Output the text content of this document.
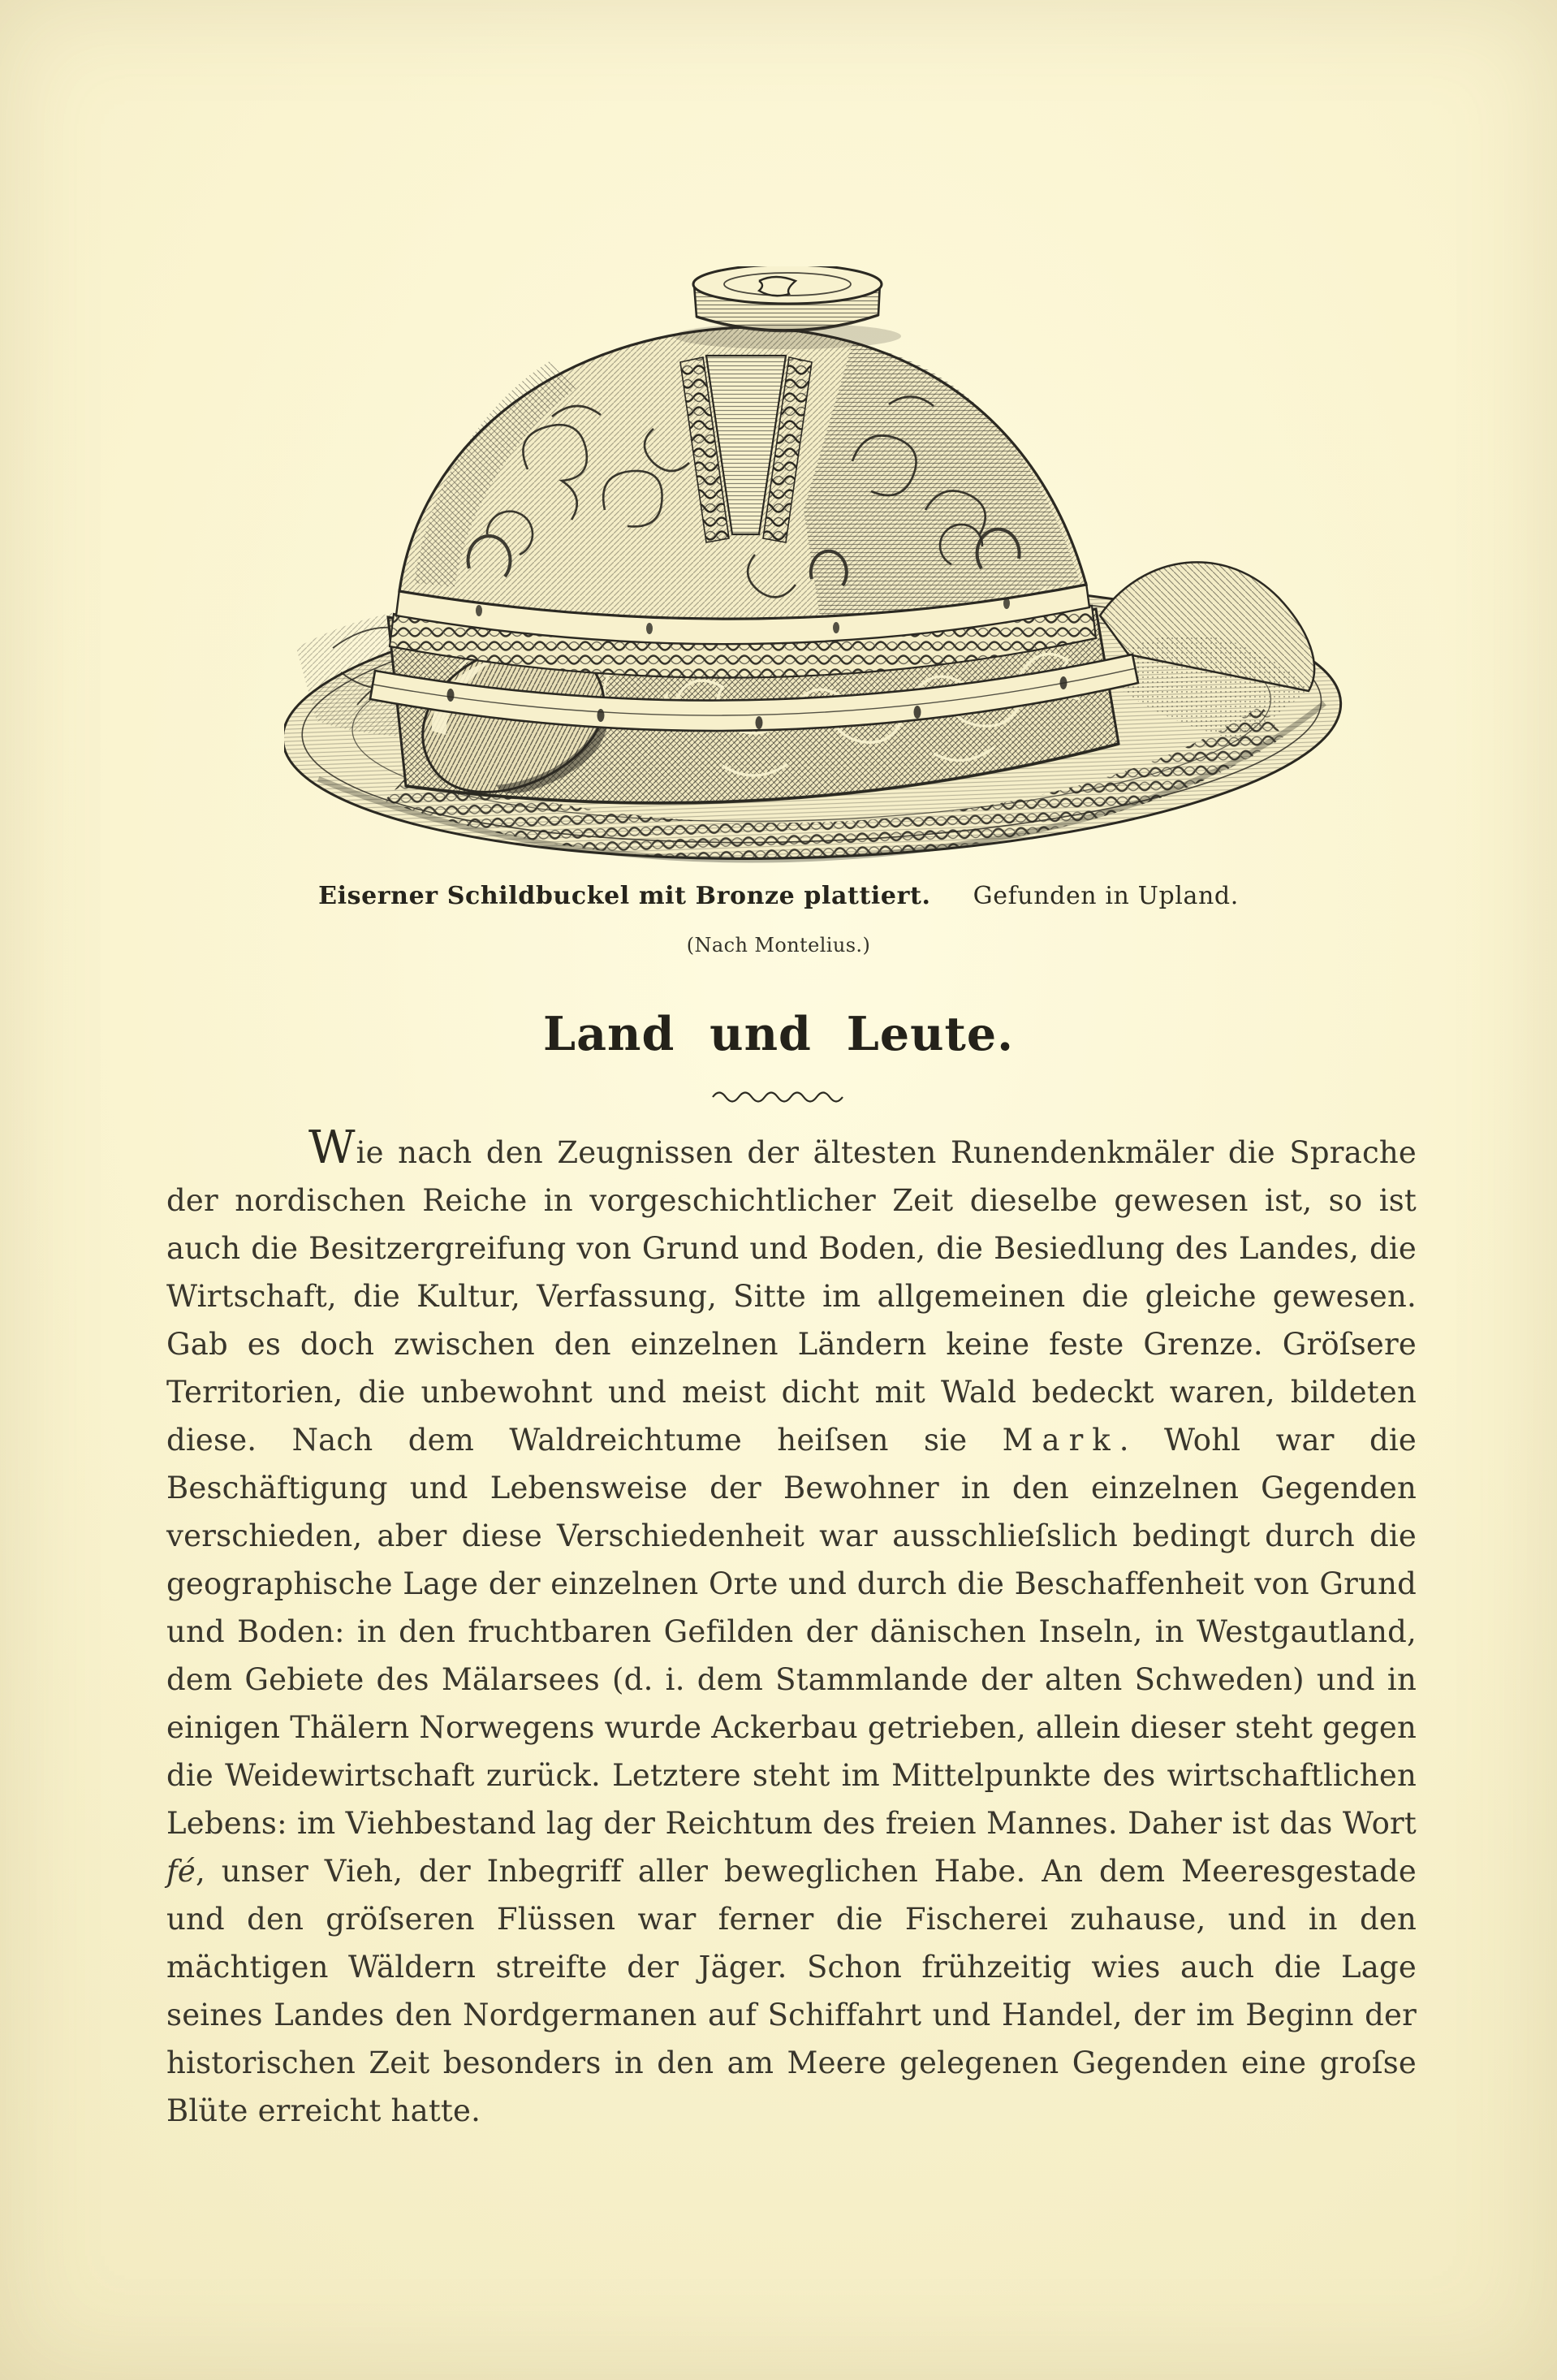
Eiserner Schildbuckel mit Bronze plattiert. Gefunden in Upland.
(Nach Montelius.)
Land und Leute.

Wie nach den Zeugnissen der ältesten Runendenkmäler die Sprache der nordischen Reiche in vorgeschichtlicher Zeit dieselbe gewesen ist, so ist auch die Besitzergreifung von Grund und Boden, die Besiedlung des Landes, die Wirtschaft, die Kultur, Verfassung, Sitte im allgemeinen die gleiche gewesen. Gab es doch zwischen den einzelnen Ländern keine feste Grenze. Gröſsere Territorien, die unbewohnt und meist dicht mit Wald bedeckt waren, bildeten diese. Nach dem Waldreichtume heiſsen sie Mark. Wohl war die Beschäftigung und Lebensweise der Bewohner in den einzelnen Gegenden verschieden, aber diese Verschiedenheit war ausschlieſslich bedingt durch die geographische Lage der einzelnen Orte und durch die Beschaffenheit von Grund und Boden: in den fruchtbaren Gefilden der dänischen Inseln, in Westgautland, dem Gebiete des Mälarsees (d. i. dem Stammlande der alten Schweden) und in einigen Thälern Norwegens wurde Ackerbau getrieben, allein dieser steht gegen die Weidewirtschaft zurück. Letztere steht im Mittelpunkte des wirtschaftlichen Lebens: im Viehbestand lag der Reichtum des freien Mannes. Daher ist das Wort fé, unser Vieh, der Inbegriff aller beweglichen Habe. An dem Meeresgestade und den gröſseren Flüssen war ferner die Fischerei zuhause, und in den mächtigen Wäldern streifte der Jäger. Schon frühzeitig wies auch die Lage seines Landes den Nordgermanen auf Schiffahrt und Handel, der im Beginn der historischen Zeit besonders in den am Meere gelegenen Gegenden eine groſse Blüte erreicht hatte.
